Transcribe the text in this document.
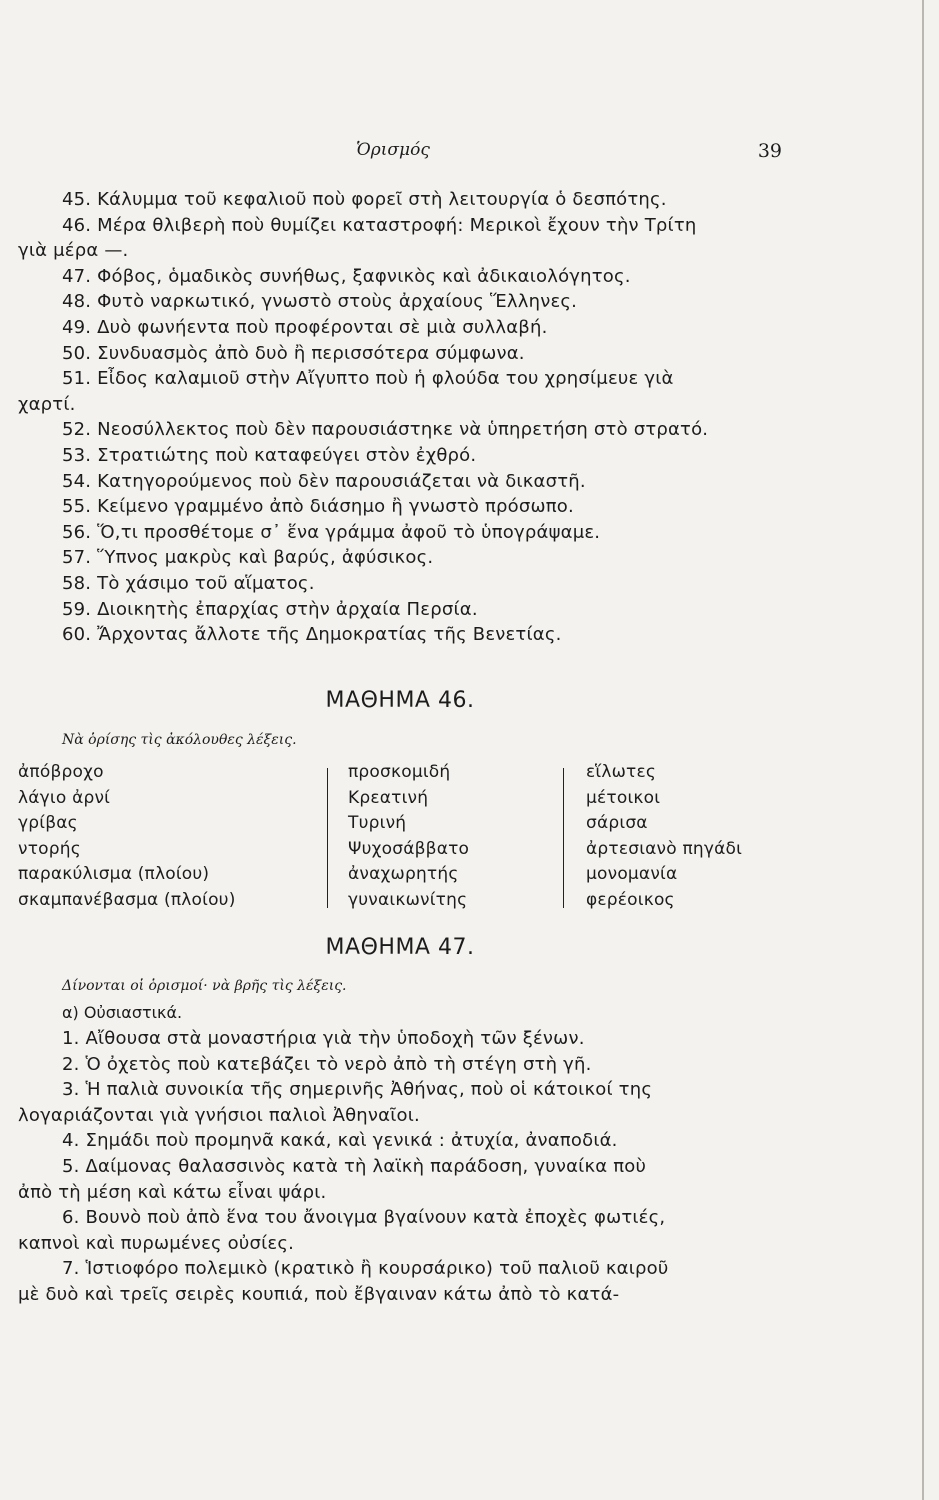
Ὁρισμός	39
45. Κάλυμμα τοῦ κεφαλιοῦ ποὺ φορεῖ στὴ λειτουργία ὁ δεσπότης.
46. Μέρα θλιβερὴ ποὺ θυμίζει καταστροφή: Μερικοὶ ἔχουν τὴν Τρίτη
γιὰ μέρα —.
47. Φόβος, ὁμαδικὸς συνήθως, ξαφνικὸς καὶ ἀδικαιολόγητος.
48. Φυτὸ ναρκωτικό, γνωστὸ στοὺς ἀρχαίους Ἕλληνες.
49. Δυὸ φωνήεντα ποὺ προφέρονται σὲ μιὰ συλλαβή.
50. Συνδυασμὸς ἀπὸ δυὸ ἢ περισσότερα σύμφωνα.
51. Εἶδος καλαμιοῦ στὴν Αἴγυπτο ποὺ ἡ φλούδα του χρησίμευε γιὰ
χαρτί.
52. Νεοσύλλεκτος ποὺ δὲν παρουσιάστηκε νὰ ὑπηρετήση στὸ στρατό.
53. Στρατιώτης ποὺ καταφεύγει στὸν ἐχθρό.
54. Κατηγορούμενος ποὺ δὲν παρουσιάζεται νὰ δικαστῆ.
55. Κείμενο γραμμένο ἀπὸ διάσημο ἢ γνωστὸ πρόσωπο.
56. Ὅ,τι προσθέτομε σ᾿ ἕνα γράμμα ἀφοῦ τὸ ὑπογράψαμε.
57. Ὕπνος μακρὺς καὶ βαρύς, ἀφύσικος.
58. Τὸ χάσιμο τοῦ αἵματος.
59. Διοικητὴς ἐπαρχίας στὴν ἀρχαία Περσία.
60. Ἄρχοντας ἄλλοτε τῆς Δημοκρατίας τῆς Βενετίας.
ΜΑΘΗΜΑ 46.
Νὰ ὁρίσης τὶς ἀκόλουθες λέξεις.
ἀπόβροχο
λάγιο ἀρνί
γρίβας
ντορής
παρακύλισμα (πλοίου)
σκαμπανέβασμα (πλοίου)
προσκομιδή
Κρεατινή
Τυρινή
Ψυχοσάββατο
ἀναχωρητής
γυναικωνίτης
εἵλωτες
μέτοικοι
σάρισα
ἀρτεσιανὸ πηγάδι
μονομανία
φερέοικος
ΜΑΘΗΜΑ 47.
Δίνονται οἱ ὁρισμοί· νὰ βρῆς τὶς λέξεις.
α) Οὐσιαστικά.
1. Αἴθουσα στὰ μοναστήρια γιὰ τὴν ὑποδοχὴ τῶν ξένων.
2. Ὁ ὀχετὸς ποὺ κατεβάζει τὸ νερὸ ἀπὸ τὴ στέγη στὴ γῆ.
3. Ἡ παλιὰ συνοικία τῆς σημερινῆς Ἀθήνας, ποὺ οἱ κάτοικοί της
λογαριάζονται γιὰ γνήσιοι παλιοὶ Ἀθηναῖοι.
4. Σημάδι ποὺ προμηνᾶ κακά, καὶ γενικά : ἀτυχία, ἀναποδιά.
5. Δαίμονας θαλασσινὸς κατὰ τὴ λαϊκὴ παράδοση, γυναίκα ποὺ
ἀπὸ τὴ μέση καὶ κάτω εἶναι ψάρι.
6. Βουνὸ ποὺ ἀπὸ ἕνα του ἄνοιγμα βγαίνουν κατὰ ἐποχὲς φωτιές,
καπνοὶ καὶ πυρωμένες οὐσίες.
7. Ἱστιοφόρο πολεμικὸ (κρατικὸ ἢ κουρσάρικο) τοῦ παλιοῦ καιροῦ
μὲ δυὸ καὶ τρεῖς σειρὲς κουπιά, ποὺ ἔβγαιναν κάτω ἀπὸ τὸ κατά-
